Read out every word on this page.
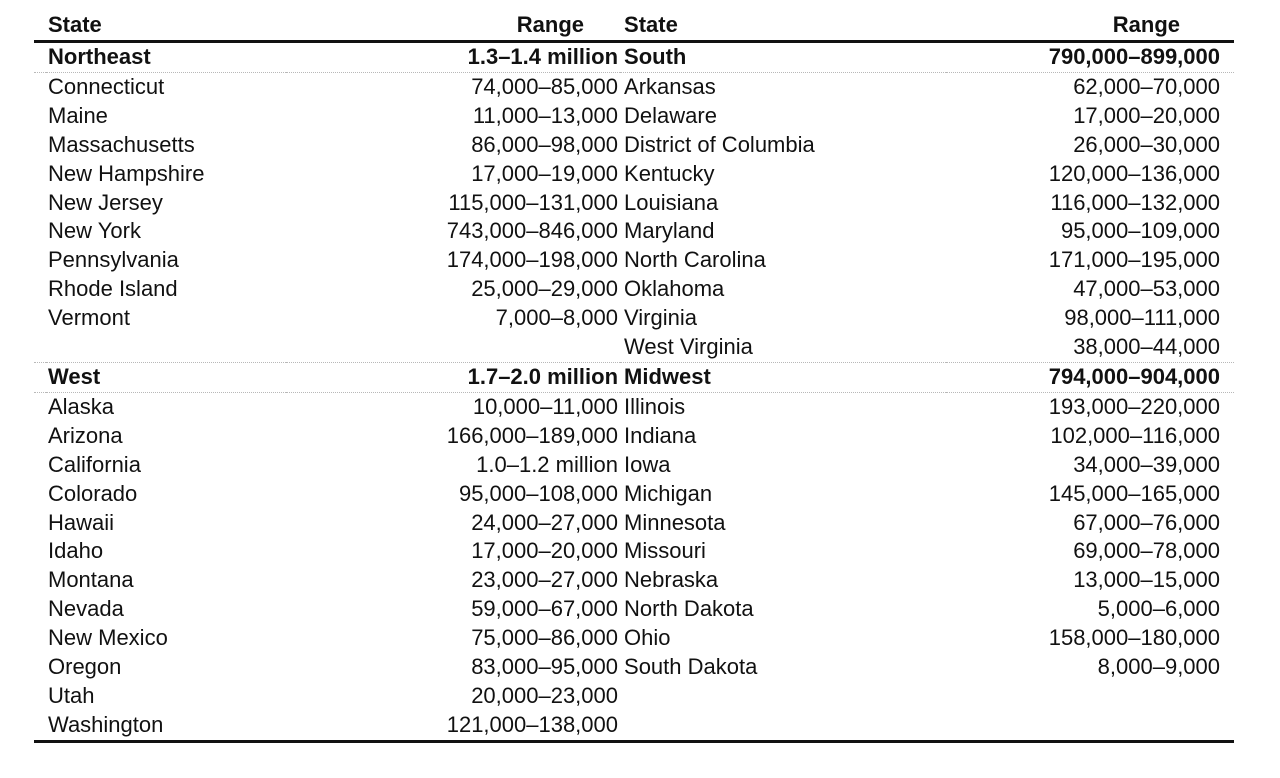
State	Range	State	Range
Northeast	1.3–1.4 million	South	790,000–899,000
Connecticut	74,000–85,000	Arkansas	62,000–70,000
Maine	11,000–13,000	Delaware	17,000–20,000
Massachusetts	86,000–98,000	District of Columbia	26,000–30,000
New Hampshire	17,000–19,000	Kentucky	120,000–136,000
New Jersey	115,000–131,000	Louisiana	116,000–132,000
New York	743,000–846,000	Maryland	95,000–109,000
Pennsylvania	174,000–198,000	North Carolina	171,000–195,000
Rhode Island	25,000–29,000	Oklahoma	47,000–53,000
Vermont	7,000–8,000	Virginia	98,000–111,000
		West Virginia	38,000–44,000
West	1.7–2.0 million	Midwest	794,000–904,000
Alaska	10,000–11,000	Illinois	193,000–220,000
Arizona	166,000–189,000	Indiana	102,000–116,000
California	1.0–1.2 million	Iowa	34,000–39,000
Colorado	95,000–108,000	Michigan	145,000–165,000
Hawaii	24,000–27,000	Minnesota	67,000–76,000
Idaho	17,000–20,000	Missouri	69,000–78,000
Montana	23,000–27,000	Nebraska	13,000–15,000
Nevada	59,000–67,000	North Dakota	5,000–6,000
New Mexico	75,000–86,000	Ohio	158,000–180,000
Oregon	83,000–95,000	South Dakota	8,000–9,000
Utah	20,000–23,000		
Washington	121,000–138,000		
